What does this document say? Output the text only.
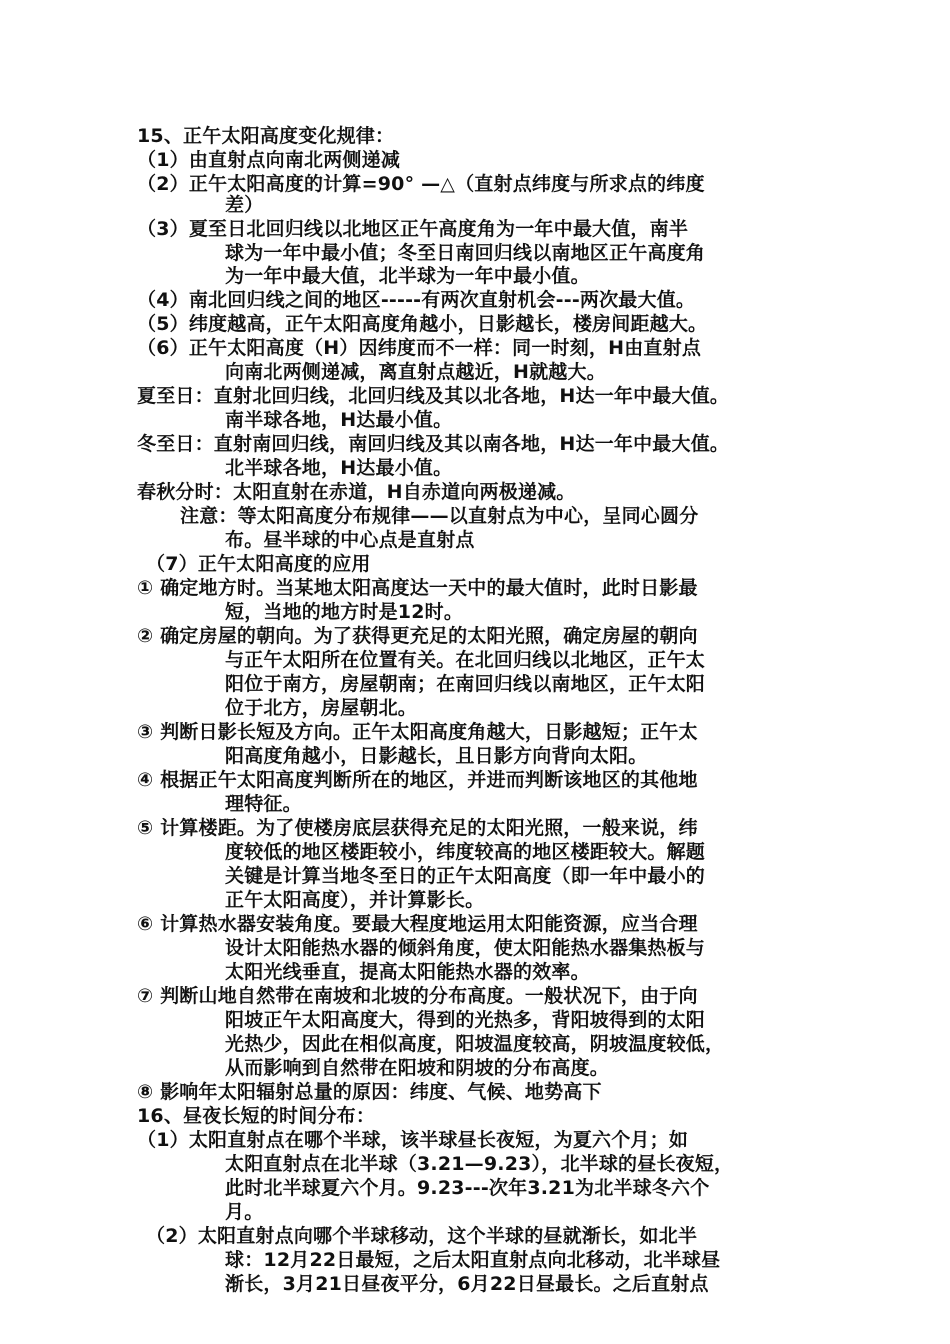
15、正午太阳高度变化规律：
（1）由直射点向南北两侧递减
（2）正午太阳高度的计算=90° —△（直射点纬度与所求点的纬度
差）
（3）夏至日北回归线以北地区正午高度角为一年中最大值，南半
球为一年中最小值；冬至日南回归线以南地区正午高度角
为一年中最大值，北半球为一年中最小值。
（4）南北回归线之间的地区-----有两次直射机会---两次最大值。
（5）纬度越高，正午太阳高度角越小，日影越长，楼房间距越大。
（6）正午太阳高度（H）因纬度而不一样：同一时刻，H由直射点
向南北两侧递减，离直射点越近，H就越大。
夏至日：直射北回归线，北回归线及其以北各地，H达一年中最大值。
南半球各地，H达最小值。
冬至日：直射南回归线，南回归线及其以南各地，H达一年中最大值。
北半球各地，H达最小值。
春秋分时：太阳直射在赤道，H自赤道向两极递减。
注意：等太阳高度分布规律——以直射点为中心，呈同心圆分
布。昼半球的中心点是直射点
（7）正午太阳高度的应用
① 确定地方时。当某地太阳高度达一天中的最大值时，此时日影最
短，当地的地方时是12时。
② 确定房屋的朝向。为了获得更充足的太阳光照，确定房屋的朝向
与正午太阳所在位置有关。在北回归线以北地区，正午太
阳位于南方，房屋朝南；在南回归线以南地区，正午太阳
位于北方，房屋朝北。
③ 判断日影长短及方向。正午太阳高度角越大，日影越短；正午太
阳高度角越小，日影越长，且日影方向背向太阳。
④ 根据正午太阳高度判断所在的地区，并进而判断该地区的其他地
理特征。
⑤ 计算楼距。为了使楼房底层获得充足的太阳光照，一般来说，纬
度较低的地区楼距较小，纬度较高的地区楼距较大。解题
关键是计算当地冬至日的正午太阳高度（即一年中最小的
正午太阳高度），并计算影长。
⑥ 计算热水器安装角度。要最大程度地运用太阳能资源，应当合理
设计太阳能热水器的倾斜角度，使太阳能热水器集热板与
太阳光线垂直，提高太阳能热水器的效率。
⑦ 判断山地自然带在南坡和北坡的分布高度。一般状况下，由于向
阳坡正午太阳高度大，得到的光热多，背阳坡得到的太阳
光热少，因此在相似高度，阳坡温度较高，阴坡温度较低，
从而影响到自然带在阳坡和阴坡的分布高度。
⑧ 影响年太阳辐射总量的原因：纬度、气候、地势高下
16、昼夜长短的时间分布：
（1）太阳直射点在哪个半球，该半球昼长夜短，为夏六个月；如
太阳直射点在北半球（3.21—9.23），北半球的昼长夜短，
此时北半球夏六个月。9.23---次年3.21为北半球冬六个
月。
（2）太阳直射点向哪个半球移动，这个半球的昼就渐长，如北半
球：12月22日最短，之后太阳直射点向北移动，北半球昼
渐长，3月21日昼夜平分，6月22日昼最长。之后直射点
